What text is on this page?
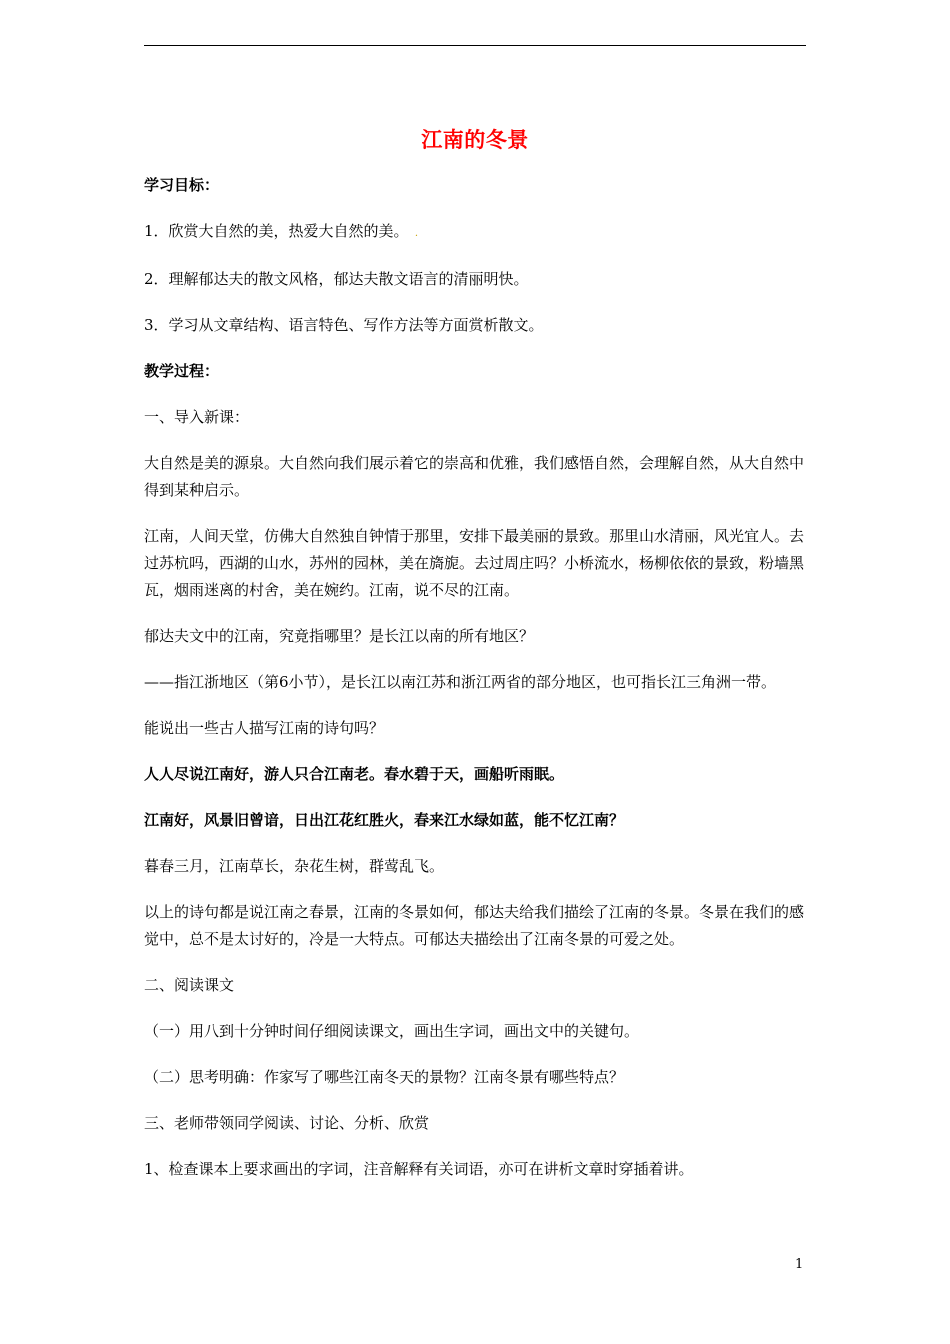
江南的冬景

学习目标：

1．欣赏大自然的美，热爱大自然的美。  .

2．理解郁达夫的散文风格，郁达夫散文语言的清丽明快。

3．学习从文章结构、语言特色、写作方法等方面赏析散文。

教学过程：

一、导入新课：

大自然是美的源泉。大自然向我们展示着它的崇高和优雅，我们感悟自然，会理解自然，从大自然中得到某种启示。

江南，人间天堂，仿佛大自然独自钟情于那里，安排下最美丽的景致。那里山水清丽，风光宜人。去过苏杭吗，西湖的山水，苏州的园林，美在旖旎。去过周庄吗？小桥流水，杨柳依依的景致，粉墙黑瓦，烟雨迷离的村舍，美在婉约。江南，说不尽的江南。

郁达夫文中的江南，究竟指哪里？是长江以南的所有地区？

——指江浙地区（第6小节），是长江以南江苏和浙江两省的部分地区，也可指长江三角洲一带。

能说出一些古人描写江南的诗句吗？

人人尽说江南好，游人只合江南老。春水碧于天，画船听雨眠。

江南好，风景旧曾谙，日出江花红胜火，春来江水绿如蓝，能不忆江南？

暮春三月，江南草长，杂花生树，群莺乱飞。

以上的诗句都是说江南之春景，江南的冬景如何，郁达夫给我们描绘了江南的冬景。冬景在我们的感觉中，总不是太讨好的，冷是一大特点。可郁达夫描绘出了江南冬景的可爱之处。

二、阅读课文

（一）用八到十分钟时间仔细阅读课文，画出生字词，画出文中的关键句。

（二）思考明确：作家写了哪些江南冬天的景物？江南冬景有哪些特点？

三、老师带领同学阅读、讨论、分析、欣赏

1、检查课本上要求画出的字词，注音解释有关词语，亦可在讲析文章时穿插着讲。

1
